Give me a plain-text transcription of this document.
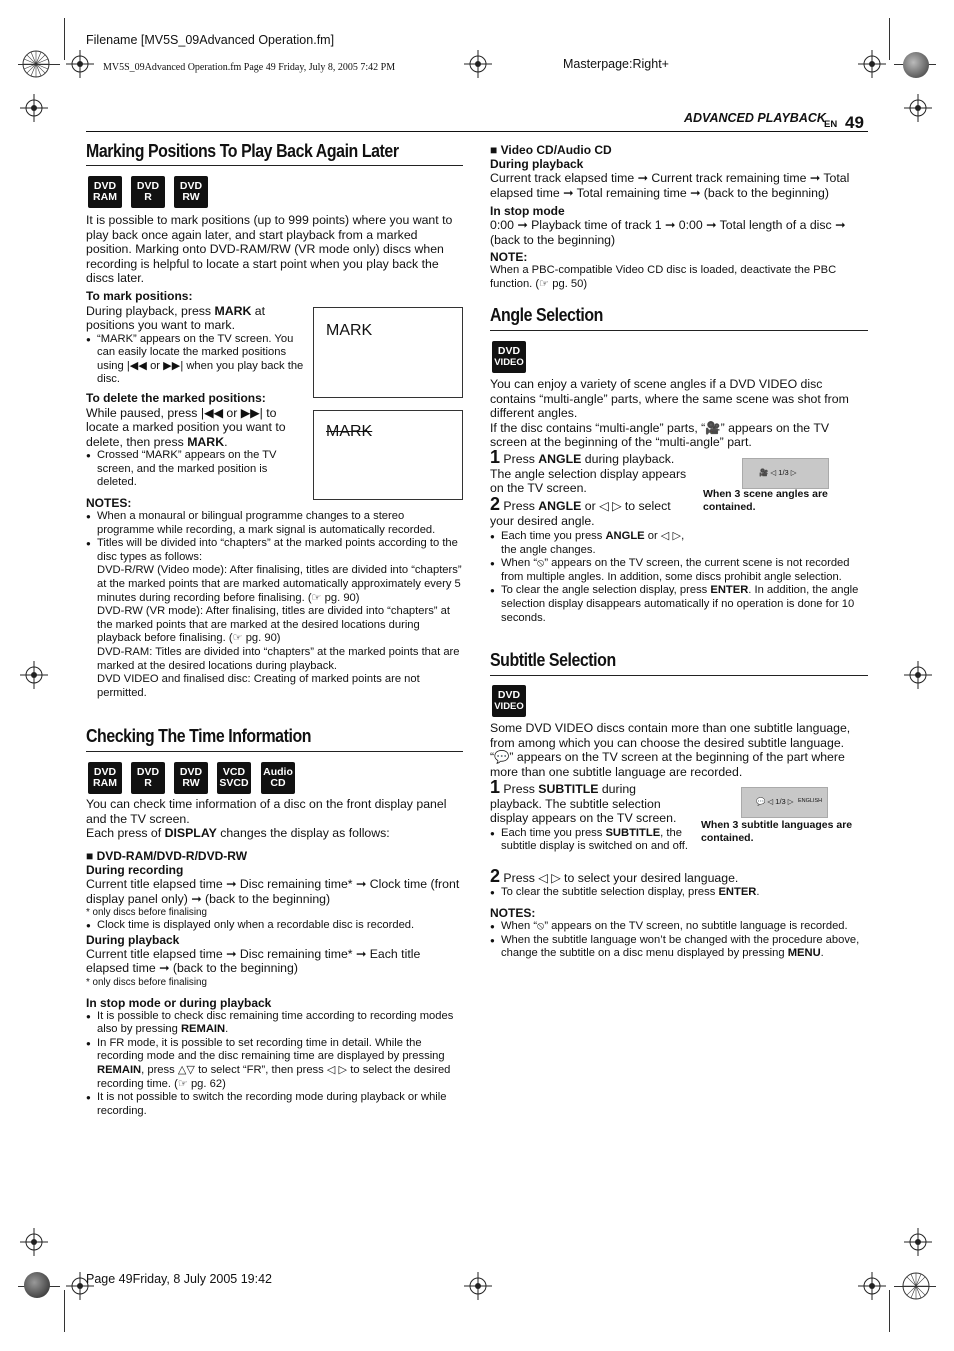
Filename [MV5S_09Advanced Operation.fm]
MV5S_09Advanced Operation.fm Page 49 Friday, July 8, 2005 7:42 PM	Masterpage:Right+
Page 49Friday, 8 July 2005 19:42
ADVANCED PLAYBACK
EN 49
Marking Positions To Play Back Again Later
DVD
RAM
DVD
R
DVD
RW
It is possible to mark positions (up to 999 points) where you want to play back once again later, and start playback from a marked position. Marking onto DVD-RAM/RW (VR mode only) discs when recording is helpful to locate a start point when you play back the discs later.
To mark positions:
During playback, press MARK at positions you want to mark.
● “MARK” appears on the TV screen. You can easily locate the marked positions using |◀◀ or ▶▶| when you play back the disc.
To delete the marked positions:
While paused, press |◀◀ or ▶▶| to locate a marked position you want to delete, then press MARK.
● Crossed “MARK” appears on the TV screen, and the marked position is deleted.
MARK
MARK
NOTES:
● When a monaural or bilingual programme changes to a stereo programme while recording, a mark signal is automatically recorded.
● Titles will be divided into “chapters” at the marked points according to the disc types as follows:
DVD-R/RW (Video mode): After finalising, titles are divided into “chapters” at the marked points that are marked automatically approximately every 5 minutes during recording before finalising. (☞ pg. 90)
DVD-RW (VR mode): After finalising, titles are divided into “chapters” at the marked points that are marked at the desired locations during playback before finalising. (☞ pg. 90)
DVD-RAM: Titles are divided into “chapters” at the marked points that are marked at the desired locations during playback.
DVD VIDEO and finalised disc: Creating of marked points are not permitted.
Checking The Time Information
DVD
RAM
DVD
R
DVD
RW
VCD
SVCD
Audio
CD
You can check time information of a disc on the front display panel and the TV screen.
Each press of DISPLAY changes the display as follows:
■ DVD-RAM/DVD-R/DVD-RW
During recording
Current title elapsed time ➞ Disc remaining time* ➞ Clock time (front display panel only) ➞ (back to the beginning)
* only discs before finalising
● Clock time is displayed only when a recordable disc is recorded.
During playback
Current title elapsed time ➞ Disc remaining time* ➞ Each title elapsed time ➞ (back to the beginning)
* only discs before finalising
In stop mode or during playback
● It is possible to check disc remaining time according to recording modes also by pressing REMAIN.
● In FR mode, it is possible to set recording time in detail. While the recording mode and the disc remaining time are displayed by pressing REMAIN, press △▽ to select “FR”, then press ◁ ▷ to select the desired recording time. (☞ pg. 62)
● It is not possible to switch the recording mode during playback or while recording.
■ Video CD/Audio CD
During playback
Current track elapsed time ➞ Current track remaining time ➞ Total elapsed time ➞ Total remaining time ➞ (back to the beginning)
In stop mode
0:00 ➞ Playback time of track 1 ➞ 0:00 ➞ Total length of a disc ➞ (back to the beginning)
NOTE:
When a PBC-compatible Video CD disc is loaded, deactivate the PBC function. (☞ pg. 50)
Angle Selection
DVD
VIDEO
You can enjoy a variety of scene angles if a DVD VIDEO disc contains “multi-angle” parts, where the same scene was shot from different angles.
If the disc contains “multi-angle” parts, “🎥” appears on the TV screen at the beginning of the “multi-angle” part.
1 Press ANGLE during playback.
The angle selection display appears on the TV screen.
2 Press ANGLE or ◁ ▷ to select your desired angle.
🎥 ◁ 1/3 ▷
When 3 scene angles are contained.
● Each time you press ANGLE or ◁ ▷, the angle changes.
● When “⦸” appears on the TV screen, the current scene is not recorded from multiple angles. In addition, some discs prohibit angle selection.
● To clear the angle selection display, press ENTER. In addition, the angle selection display disappears automatically if no operation is done for 10 seconds.
Subtitle Selection
DVD
VIDEO
Some DVD VIDEO discs contain more than one subtitle language, from among which you can choose the desired subtitle language.
“💬” appears on the TV screen at the beginning of the part where more than one subtitle language are recorded.
1 Press SUBTITLE during playback. The subtitle selection display appears on the TV screen.
● Each time you press SUBTITLE, the subtitle display is switched on and off.
💬 ◁ 1/3 ▷ ENGLISH
When 3 subtitle languages are contained.
2 Press ◁ ▷ to select your desired language.
● To clear the subtitle selection display, press ENTER.
NOTES:
● When “⦸” appears on the TV screen, no subtitle language is recorded.
● When the subtitle language won’t be changed with the procedure above, change the subtitle on a disc menu displayed by pressing MENU.
